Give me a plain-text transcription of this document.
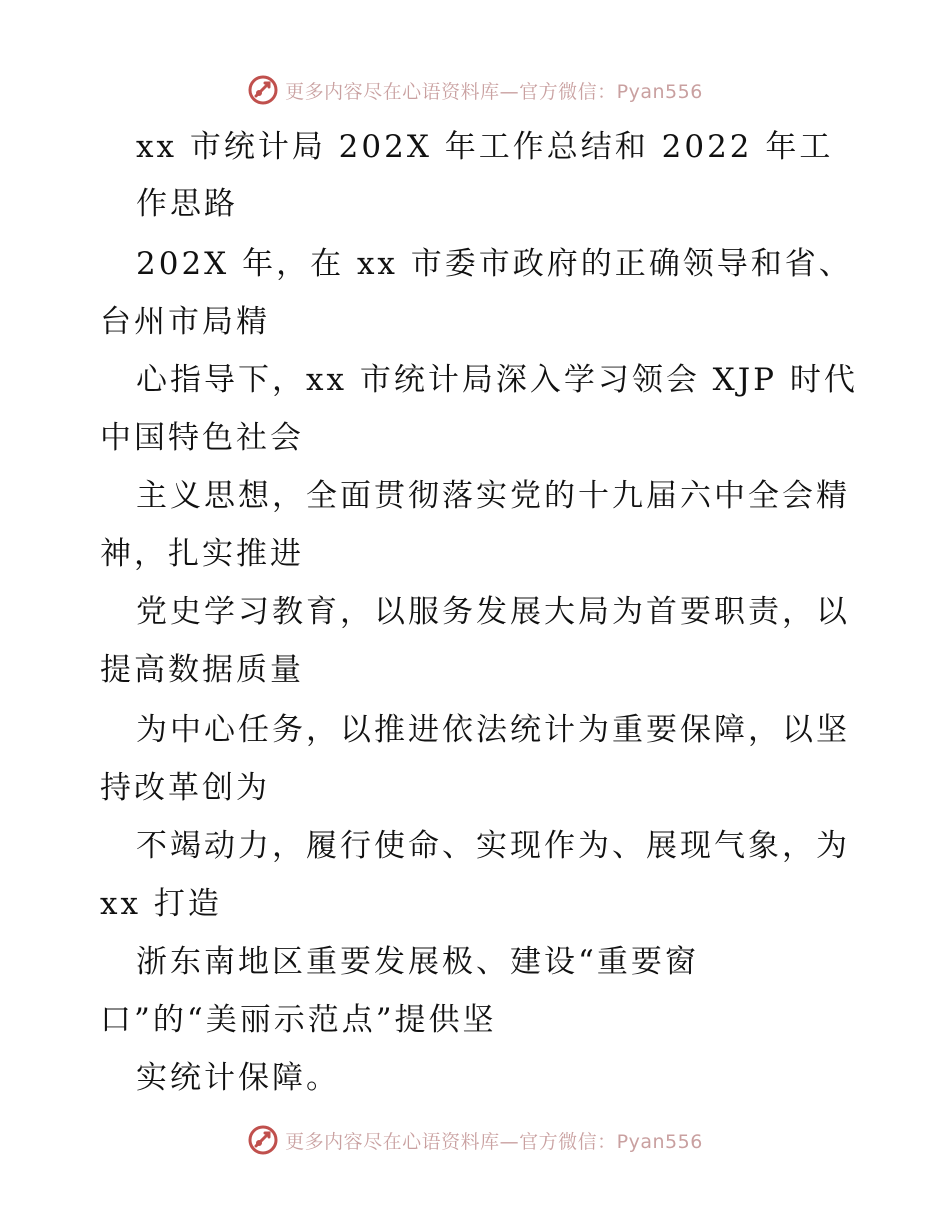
更多内容尽在心语资料库—官方微信：Pyan556
xx 市统计局 202X 年工作总结和 2022 年工
作思路
202X 年，在 xx 市委市政府的正确领导和省、
台州市局精
心指导下，xx 市统计局深入学习领会 XJP 时代
中国特色社会
主义思想，全面贯彻落实党的十九届六中全会精
神，扎实推进
党史学习教育，以服务发展大局为首要职责，以
提高数据质量
为中心任务，以推进依法统计为重要保障，以坚
持改革创为
不竭动力，履行使命、实现作为、展现气象，为
xx 打造
浙东南地区重要发展极、建设“重要窗
口”的“美丽示范点”提供坚
实统计保障。
更多内容尽在心语资料库—官方微信：Pyan556
